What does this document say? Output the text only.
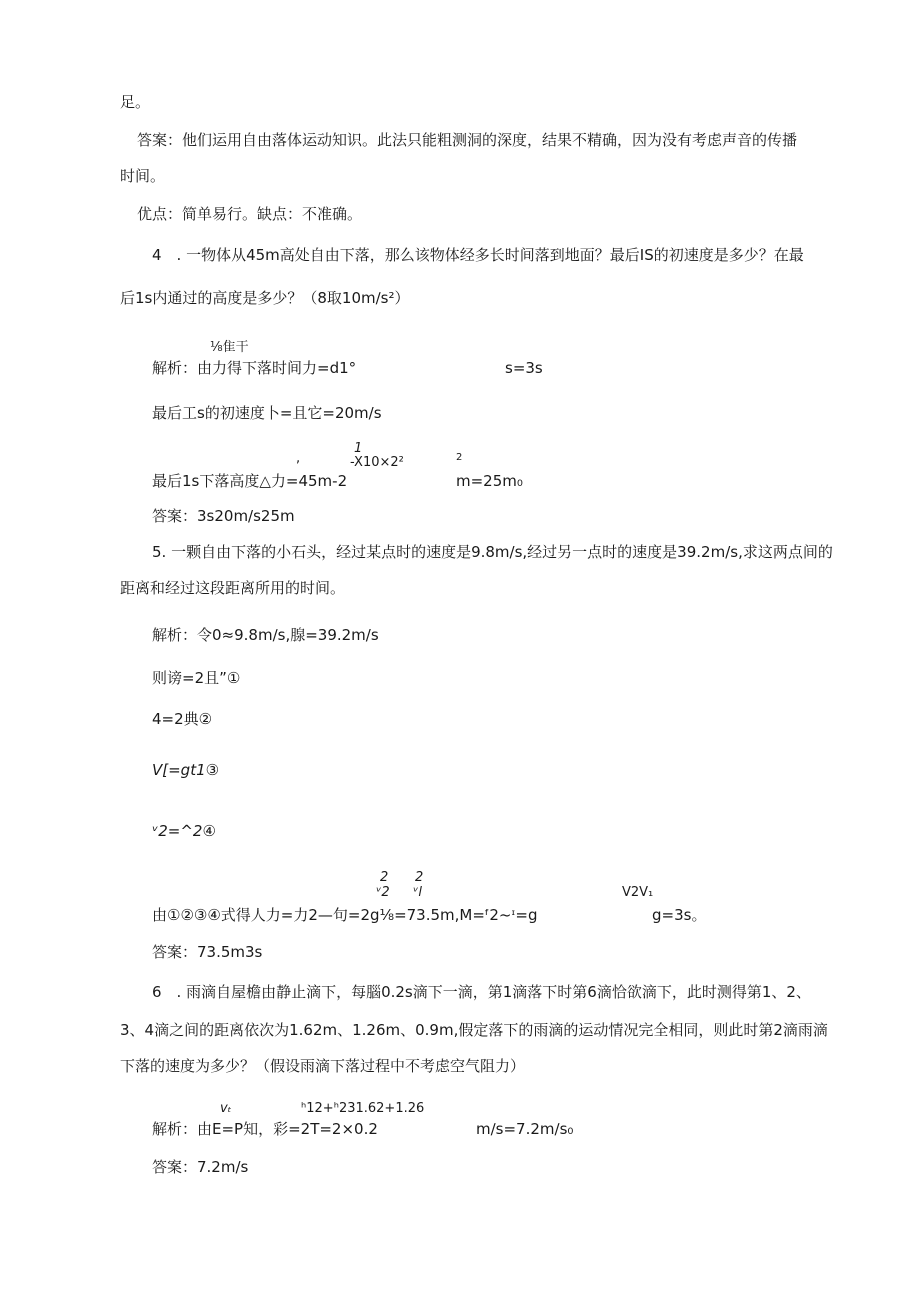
足。
答案：他们运用自由落体运动知识。此法只能粗测洞的深度，结果不精确，因为没有考虑声音的传播
时间。
优点：简单易行。缺点：不准确。
4　. 一物体从45m高处自由下落，那么该物体经多长时间落到地面？最后IS的初速度是多少？在最
后1s内通过的高度是多少？（8取10m∕s²）
⅛隹干
解析：由力得下落时间力=d1°	s=3s
最后工s的初速度卜=且它=20m/s
1
,	-X10×2²	2
最后1s下落高度△力=45m-2	m=25m₀
答案：3s20m/s25m
5. 一颗自由下落的小石头，经过某点时的速度是9.8m/s,经过另一点时的速度是39.2m/s,求这两点间的
距离和经过这段距离所用的时间。
解析：令0≈9.8m∕s,腺=39.2m/s
则谤=2且”①
4=2典②
V[=gt1③
ᵛ2=^2④
2 2
ᵛ2 ᵛl	V2V₁
由①②③④式得人力=力2—句=2g⅛=73.5m,M=ᶠ2~ᶦ=g	g=3s。
答案：73.5m3s
6　. 雨滴自屋檐由静止滴下，每腦0.2s滴下一滴，第1滴落下时第6滴恰欲滴下，此时测得第1、2、
3、4滴之间的距离依次为1.62m、1.26m、0.9m,假定落下的雨滴的运动情况完全相同，则此时第2滴雨滴
下落的速度为多少？（假设雨滴下落过程中不考虑空气阻力）
vₜ	ʰ12+ʰ231.62+1.26
解析：由E=P知，彩=2T=2×0.2	m∕s=7.2m∕s₀
答案：7.2m/s
